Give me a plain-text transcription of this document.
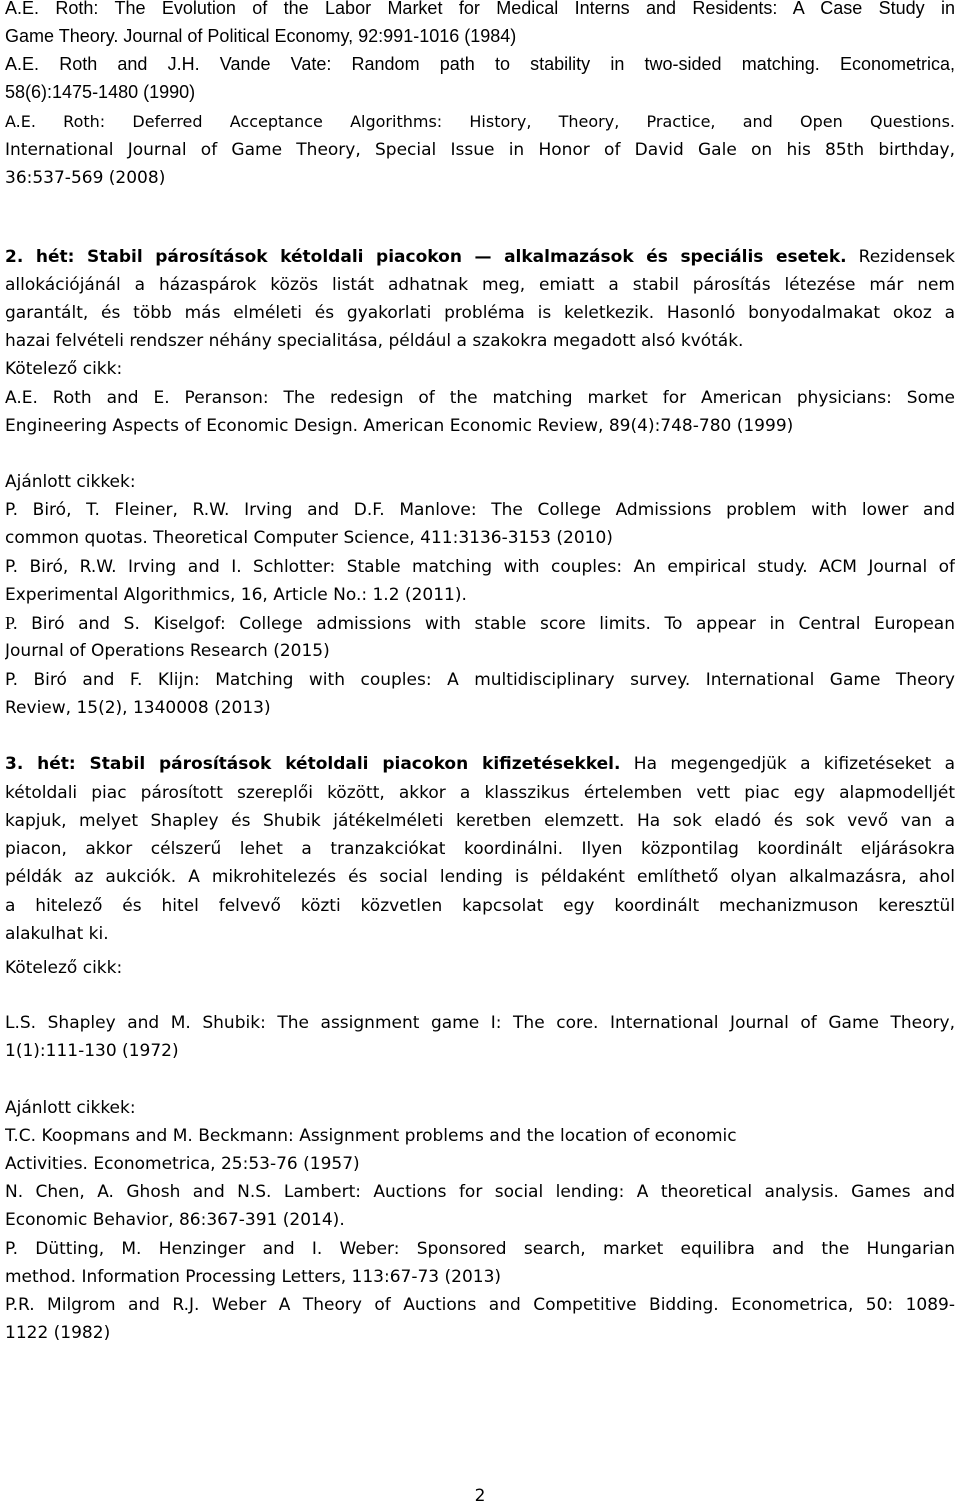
A.E. Roth: The Evolution of the Labor Market for Medical Interns and Residents: A Case Study in
Game Theory. Journal of Political Economy, 92:991-1016 (1984)
A.E. Roth and J.H. Vande Vate: Random path to stability in two-sided matching. Econometrica,
58(6):1475-1480 (1990)
A.E. Roth: Deferred Acceptance Algorithms: History, Theory, Practice, and Open Questions.
International Journal of Game Theory, Special Issue in Honor of David Gale on his 85th birthday,
36:537-569 (2008)
2. hét: Stabil párosítások kétoldali piacokon — alkalmazások és speciális esetek. Rezidensek
allokációjánál a házaspárok közös listát adhatnak meg, emiatt a stabil párosítás létezése már nem
garantált, és több más elméleti és gyakorlati probléma is keletkezik. Hasonló bonyodalmakat okoz a
hazai felvételi rendszer néhány specialitása, például a szakokra megadott alsó kvóták.
Kötelező cikk:
A.E. Roth and E. Peranson: The redesign of the matching market for American physicians: Some
Engineering Aspects of Economic Design. American Economic Review, 89(4):748-780 (1999)
Ajánlott cikkek:
P. Biró, T. Fleiner, R.W. Irving and D.F. Manlove: The College Admissions problem with lower and
common quotas. Theoretical Computer Science, 411:3136-3153 (2010)
P. Biró, R.W. Irving and I. Schlotter: Stable matching with couples: An empirical study. ACM Journal of
Experimental Algorithmics, 16, Article No.: 1.2 (2011).
P. Biró and S. Kiselgof: College admissions with stable score limits. To appear in Central European
Journal of Operations Research (2015)
P. Biró and F. Klijn: Matching with couples: A multidisciplinary survey. International Game Theory
Review, 15(2), 1340008 (2013)
3. hét: Stabil párosítások kétoldali piacokon kifizetésekkel. Ha megengedjük a kifizetéseket a
kétoldali piac párosított szereplői között, akkor a klasszikus értelemben vett piac egy alapmodelljét
kapjuk, melyet Shapley és Shubik játékelméleti keretben elemzett. Ha sok eladó és sok vevő van a
piacon, akkor célszerű lehet a tranzakciókat koordinálni. Ilyen központilag koordinált eljárásokra
példák az aukciók. A mikrohitelezés és social lending is példaként említhető olyan alkalmazásra, ahol
a hitelező és hitel felvevő közti közvetlen kapcsolat egy koordinált mechanizmuson keresztül
alakulhat ki.
Kötelező cikk:
L.S. Shapley and M. Shubik: The assignment game I: The core. International Journal of Game Theory,
1(1):111-130 (1972)
Ajánlott cikkek:
T.C. Koopmans and M. Beckmann: Assignment problems and the location of economic
Activities. Econometrica, 25:53-76 (1957)
N. Chen, A. Ghosh and N.S. Lambert: Auctions for social lending: A theoretical analysis. Games and
Economic Behavior, 86:367-391 (2014).
P. Dütting, M. Henzinger and I. Weber: Sponsored search, market equilibra and the Hungarian
method. Information Processing Letters, 113:67-73 (2013)
P.R. Milgrom and R.J. Weber A Theory of Auctions and Competitive Bidding. Econometrica, 50: 1089-
1122 (1982)
2
